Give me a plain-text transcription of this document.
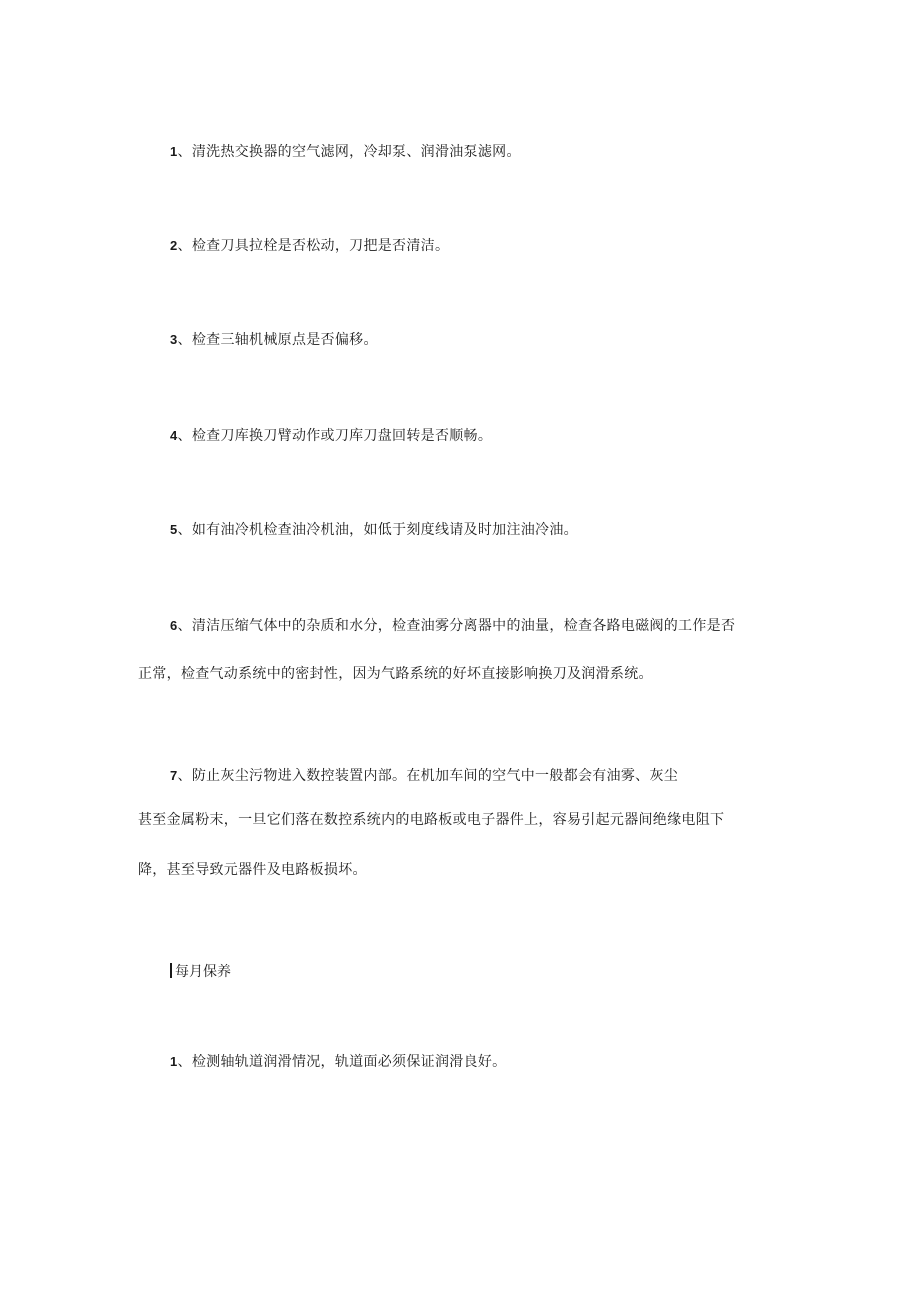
1、清洗热交换器的空气滤网，冷却泵、润滑油泵滤网。
2、检查刀具拉栓是否松动，刀把是否清洁。
3、检查三轴机械原点是否偏移。
4、检查刀库换刀臂动作或刀库刀盘回转是否顺畅。
5、如有油冷机检查油冷机油，如低于刻度线请及时加注油冷油。
6、清洁压缩气体中的杂质和水分，检查油雾分离器中的油量，检查各路电磁阀的工作是否
正常，检查气动系统中的密封性，因为气路系统的好坏直接影响换刀及润滑系统。
7、防止灰尘污物进入数控装置内部。在机加车间的空气中一般都会有油雾、灰尘
甚至金属粉末，一旦它们落在数控系统内的电路板或电子器件上，容易引起元器间绝缘电阻下
降，甚至导致元器件及电路板损坏。
每月保养
1、检测轴轨道润滑情况，轨道面必须保证润滑良好。
